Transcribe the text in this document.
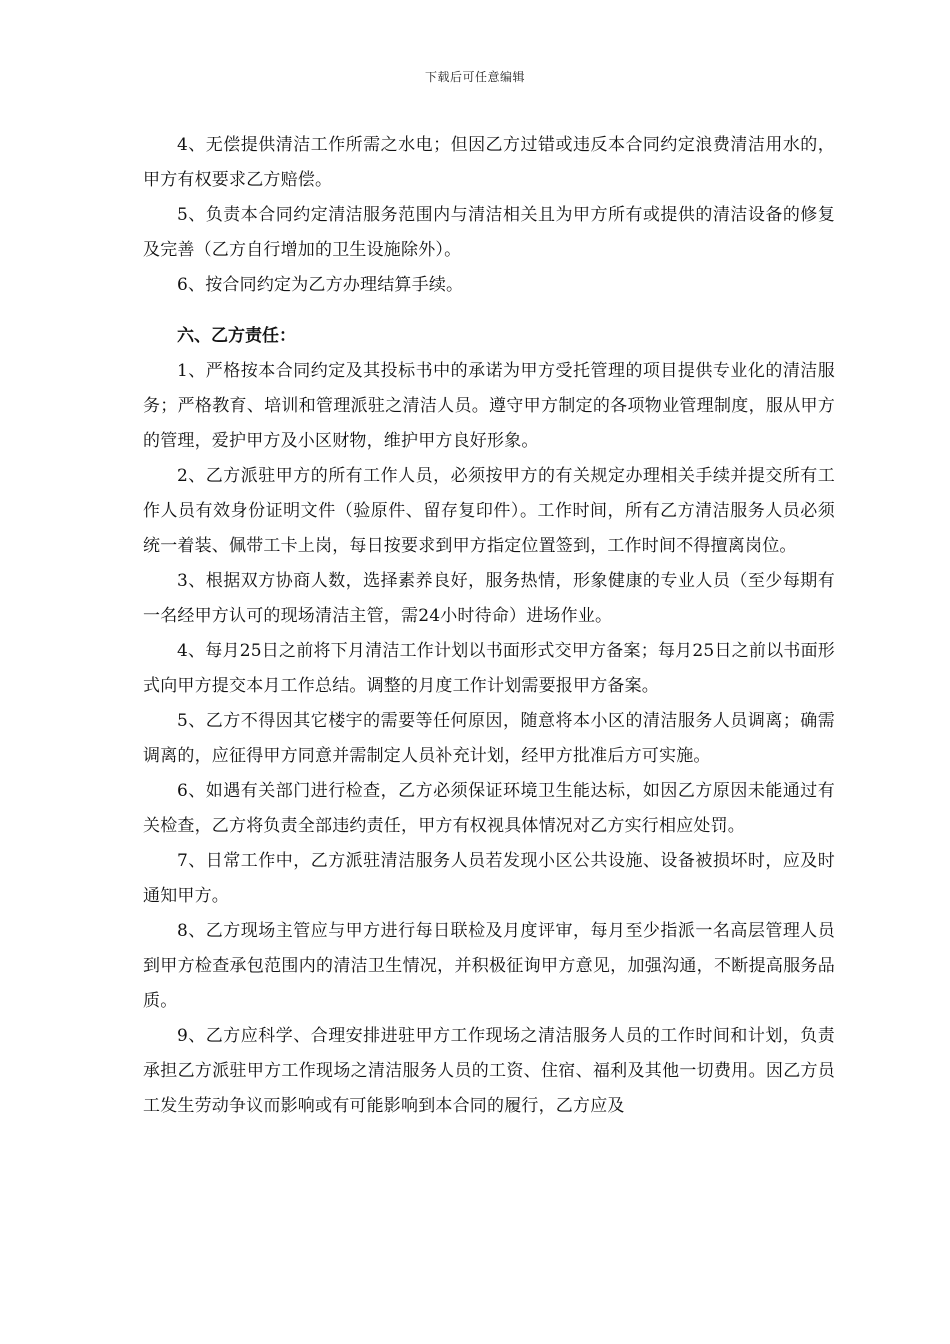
下载后可任意编辑

4、无偿提供清洁工作所需之水电；但因乙方过错或违反本合同约定浪费清洁用水的，甲方有权要求乙方赔偿。

5、负责本合同约定清洁服务范围内与清洁相关且为甲方所有或提供的清洁设备的修复及完善（乙方自行增加的卫生设施除外）。

6、按合同约定为乙方办理结算手续。

六、乙方责任：

1、严格按本合同约定及其投标书中的承诺为甲方受托管理的项目提供专业化的清洁服务；严格教育、培训和管理派驻之清洁人员。遵守甲方制定的各项物业管理制度，服从甲方的管理，爱护甲方及小区财物，维护甲方良好形象。

2、乙方派驻甲方的所有工作人员，必须按甲方的有关规定办理相关手续并提交所有工作人员有效身份证明文件（验原件、留存复印件）。工作时间，所有乙方清洁服务人员必须统一着装、佩带工卡上岗，每日按要求到甲方指定位置签到，工作时间不得擅离岗位。

3、根据双方协商人数，选择素养良好，服务热情，形象健康的专业人员（至少每期有一名经甲方认可的现场清洁主管，需24小时待命）进场作业。

4、每月25日之前将下月清洁工作计划以书面形式交甲方备案；每月25日之前以书面形式向甲方提交本月工作总结。调整的月度工作计划需要报甲方备案。

5、乙方不得因其它楼宇的需要等任何原因，随意将本小区的清洁服务人员调离；确需调离的，应征得甲方同意并需制定人员补充计划，经甲方批准后方可实施。

6、如遇有关部门进行检查，乙方必须保证环境卫生能达标，如因乙方原因未能通过有关检查，乙方将负责全部违约责任，甲方有权视具体情况对乙方实行相应处罚。

7、日常工作中，乙方派驻清洁服务人员若发现小区公共设施、设备被损坏时，应及时通知甲方。

8、乙方现场主管应与甲方进行每日联检及月度评审，每月至少指派一名高层管理人员到甲方检查承包范围内的清洁卫生情况，并积极征询甲方意见，加强沟通，不断提高服务品质。

9、乙方应科学、合理安排进驻甲方工作现场之清洁服务人员的工作时间和计划，负责承担乙方派驻甲方工作现场之清洁服务人员的工资、住宿、福利及其他一切费用。因乙方员工发生劳动争议而影响或有可能影响到本合同的履行，乙方应及
